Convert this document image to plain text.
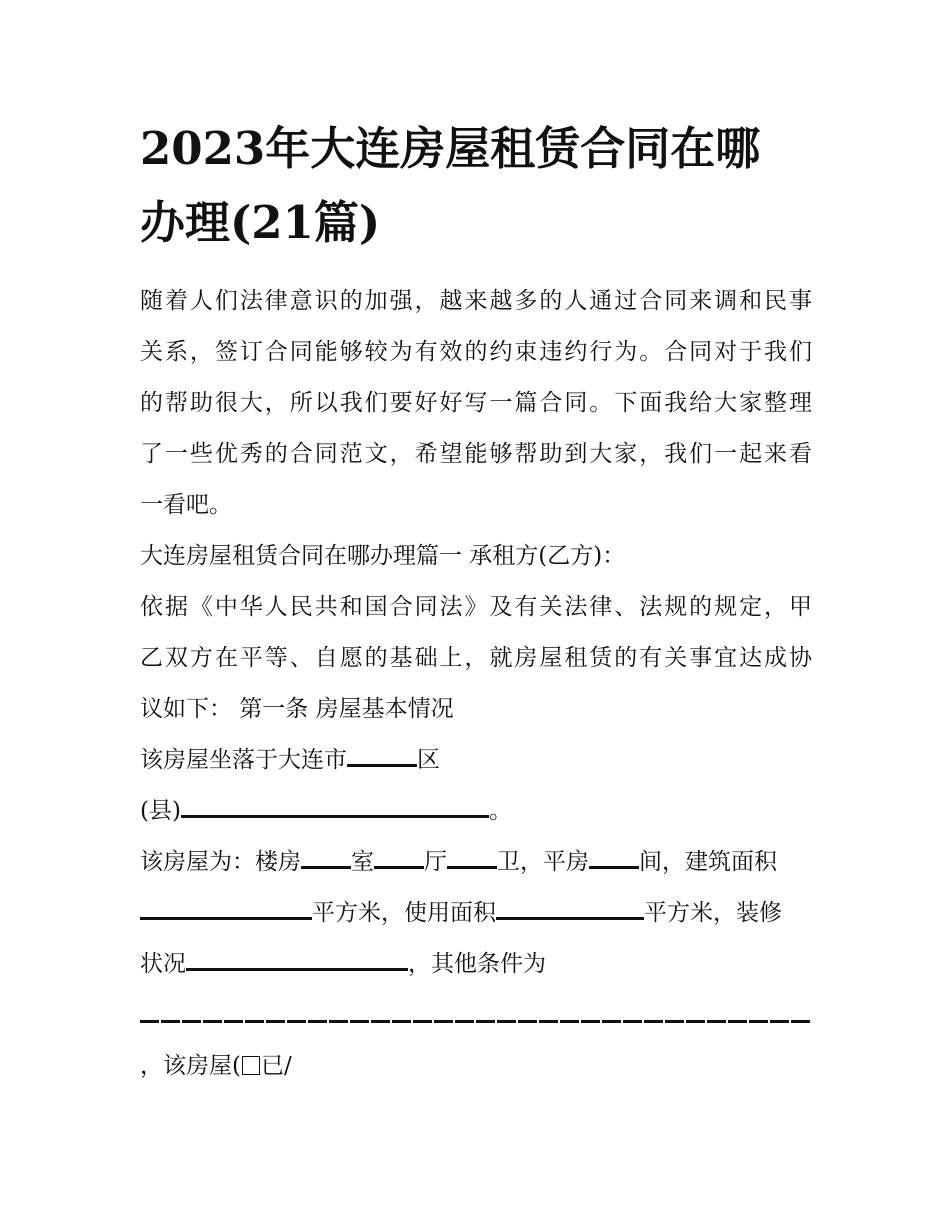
2023年大连房屋租赁合同在哪
办理(21篇)
随着人们法律意识的加强，越来越多的人通过合同来调和民事
关系，签订合同能够较为有效的约束违约行为。合同对于我们
的帮助很大，所以我们要好好写一篇合同。下面我给大家整理
了一些优秀的合同范文，希望能够帮助到大家，我们一起来看
一看吧。
大连房屋租赁合同在哪办理篇一 承租方(乙方)：
依据《中华人民共和国合同法》及有关法律、法规的规定，甲
乙双方在平等、自愿的基础上，就房屋租赁的有关事宜达成协
议如下： 第一条 房屋基本情况
该房屋坐落于大连市	区
(县)	。
该房屋为：楼房 室 厅 卫，平房 间，建筑面积
平方米，使用面积	平方米，装修
状况	，其他条件为
，该房屋( 已/
